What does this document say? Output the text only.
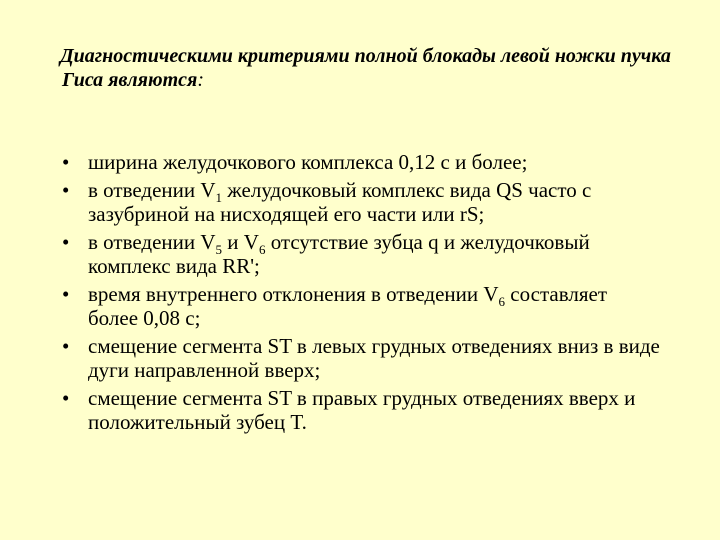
Диагностическими критериями полной блокады левой ножки пучка Гиса являются:
• ширина желудочкового комплекса 0,12 с и более;
• в отведении $V_1$ желудочковый комплекс вида QS часто с зазубриной на нисходящей его части или rS;
• в отведении $V_5$ и $V_6$ отсутствие зубца q и желудочковый комплекс вида RR';
• время внутреннего отклонения в отведении $V_6$ составляет более 0,08 с;
• смещение сегмента ST в левых грудных отведениях вниз в виде дуги направленной вверх;
• смещение сегмента ST в правых грудных отведениях вверх и положительный зубец T.
